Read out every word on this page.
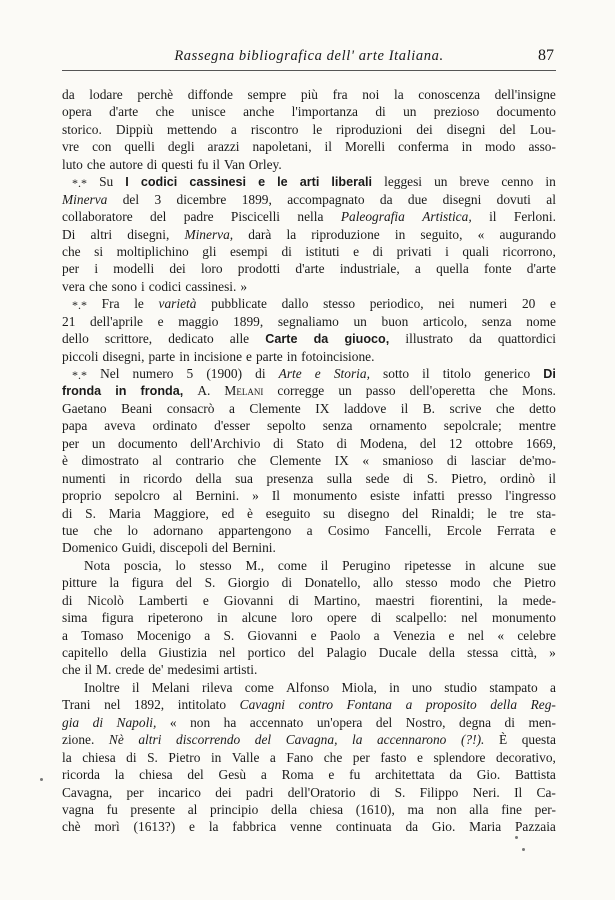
Rassegna bibliografica dell' arte Italiana.	87
da lodare perchè diffonde sempre più fra noi la conoscenza dell'insigne
opera d'arte che unisce anche l'importanza di un prezioso documento
storico. Dippiù mettendo a riscontro le riproduzioni dei disegni del Lou-
vre con quelli degli arazzi napoletani, il Morelli conferma in modo asso-
luto che autore di questi fu il Van Orley.
*.* Su I codici cassinesi e le arti liberali leggesi un breve cenno in
Minerva del 3 dicembre 1899, accompagnato da due disegni dovuti al
collaboratore del padre Piscicelli nella Paleografia Artistica, il Ferloni.
Di altri disegni, Minerva, darà la riproduzione in seguito, « augurando
che si moltiplichino gli esempi di istituti e di privati i quali ricorrono,
per i modelli dei loro prodotti d'arte industriale, a quella fonte d'arte
vera che sono i codici cassinesi. »
*.* Fra le varietà pubblicate dallo stesso periodico, nei numeri 20 e
21 dell'aprile e maggio 1899, segnaliamo un buon articolo, senza nome
dello scrittore, dedicato alle Carte da giuoco, illustrato da quattordici
piccoli disegni, parte in incisione e parte in fotoincisione.
*.* Nel numero 5 (1900) di Arte e Storia, sotto il titolo generico Di
fronda in fronda, A. Melani corregge un passo dell'operetta che Mons.
Gaetano Beani consacrò a Clemente IX laddove il B. scrive che detto
papa aveva ordinato d'esser sepolto senza ornamento sepolcrale; mentre
per un documento dell'Archivio di Stato di Modena, del 12 ottobre 1669,
è dimostrato al contrario che Clemente IX « smanioso di lasciar de'mo-
numenti in ricordo della sua presenza sulla sede di S. Pietro, ordinò il
proprio sepolcro al Bernini. » Il monumento esiste infatti presso l'ingresso
di S. Maria Maggiore, ed è eseguito su disegno del Rinaldi; le tre sta-
tue che lo adornano appartengono a Cosimo Fancelli, Ercole Ferrata e
Domenico Guidi, discepoli del Bernini.
Nota poscia, lo stesso M., come il Perugino ripetesse in alcune sue
pitture la figura del S. Giorgio di Donatello, allo stesso modo che Pietro
di Nicolò Lamberti e Giovanni di Martino, maestri fiorentini, la mede-
sima figura ripeterono in alcune loro opere di scalpello: nel monumento
a Tomaso Mocenigo a S. Giovanni e Paolo a Venezia e nel « celebre
capitello della Giustizia nel portico del Palagio Ducale della stessa città, »
che il M. crede de' medesimi artisti.
Inoltre il Melani rileva come Alfonso Miola, in uno studio stampato a
Trani nel 1892, intitolato Cavagni contro Fontana a proposito della Reg-
gia di Napoli, « non ha accennato un'opera del Nostro, degna di men-
zione. Nè altri discorrendo del Cavagna, la accennarono (?!). È questa
la chiesa di S. Pietro in Valle a Fano che per fasto e splendore decorativo,
ricorda la chiesa del Gesù a Roma e fu architettata da Gio. Battista
Cavagna, per incarico dei padri dell'Oratorio di S. Filippo Neri. Il Ca-
vagna fu presente al principio della chiesa (1610), ma non alla fine per-
chè morì (1613?) e la fabbrica venne continuata da Gio. Maria Pazzaia
